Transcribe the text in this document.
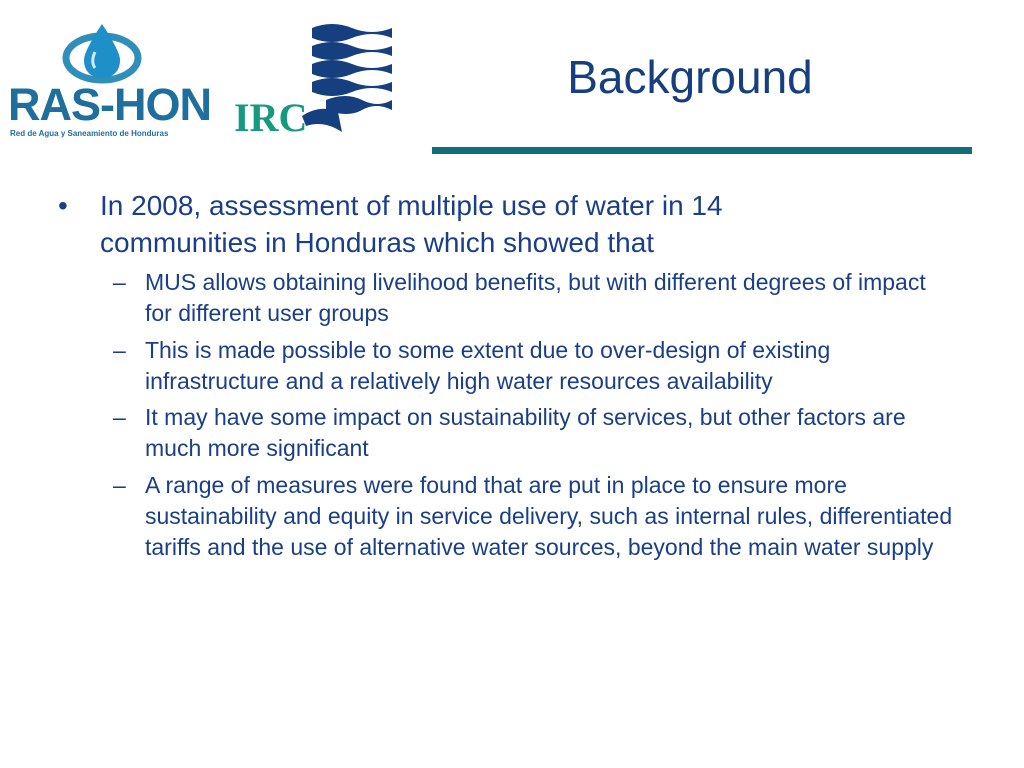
RAS-HON
Red de Agua y Saneamiento de Honduras IRC
Background
• In 2008, assessment of multiple use of water in 14 communities in Honduras which showed that
– MUS allows obtaining livelihood benefits, but with different degrees of impact for different user groups
– This is made possible to some extent due to over-design of existing infrastructure and a relatively high water resources availability
– It may have some impact on sustainability of services, but other factors are much more significant
– A range of measures were found that are put in place to ensure more sustainability and equity in service delivery, such as internal rules, differentiated tariffs and the use of alternative water sources, beyond the main water supply
